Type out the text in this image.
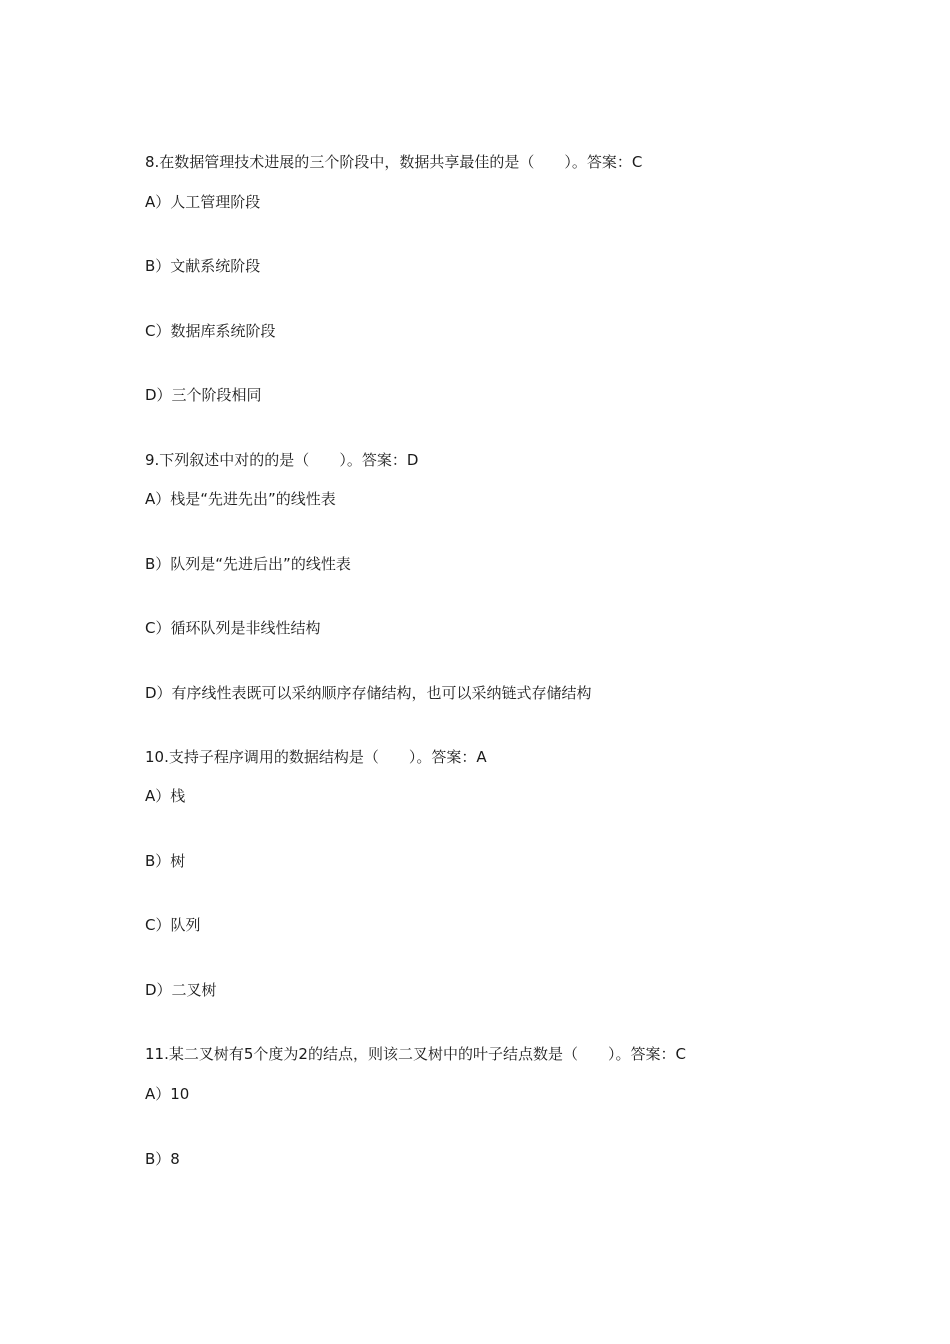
8.在数据管理技术进展的三个阶段中，数据共享最佳的是（　　）。答案：C
A）人工管理阶段
B）文献系统阶段
C）数据库系统阶段
D）三个阶段相同
9.下列叙述中对的的是（　　）。答案：D
A）栈是“先进先出”的线性表
B）队列是“先进后出”的线性表
C）循环队列是非线性结构
D）有序线性表既可以采纳顺序存储结构，也可以采纳链式存储结构
10.支持子程序调用的数据结构是（　　）。答案：A
A）栈
B）树
C）队列
D）二叉树
11.某二叉树有5个度为2的结点，则该二叉树中的叶子结点数是（　　）。答案：C
A）10
B）8
